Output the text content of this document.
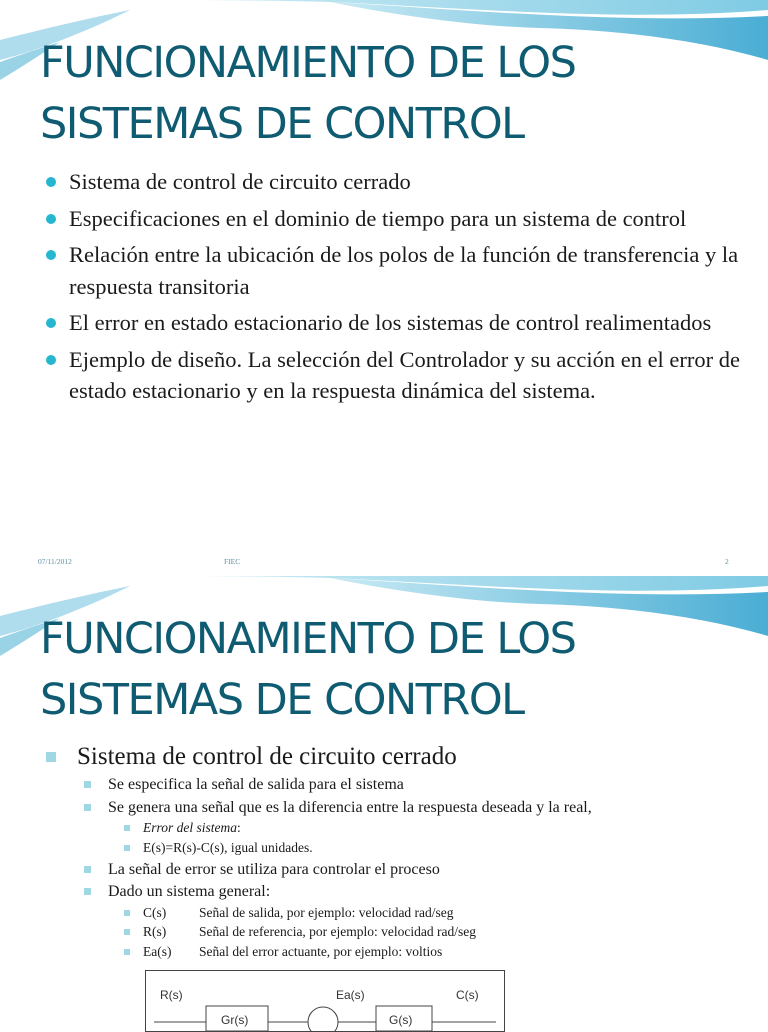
FUNCIONAMIENTO DE LOS
SISTEMAS DE CONTROL
Sistema de control de circuito cerrado
Especificaciones en el dominio de tiempo para un sistema de control
Relación entre la ubicación de los polos de la función de transferencia y la respuesta transitoria
El error en estado estacionario de los sistemas de control realimentados
Ejemplo de diseño. La selección del Controlador y su acción en el error de estado estacionario y en la respuesta dinámica del sistema.
07/11/2012	FIEC	2
FUNCIONAMIENTO DE LOS
SISTEMAS DE CONTROL
Sistema de control de circuito cerrado
Se especifica la señal de salida para el sistema
Se genera una señal que es la diferencia entre la respuesta deseada y la real,
Error del sistema:
E(s)=R(s)-C(s), igual unidades.
La señal de error se utiliza para controlar el proceso
Dado un sistema general:
C(s) Señal de salida, por ejemplo: velocidad rad/seg
R(s) Señal de referencia, por ejemplo: velocidad rad/seg
Ea(s) Señal del error actuante, por ejemplo: voltios
R(s)	Ea(s)	C(s)
Gr(s)	G(s)
